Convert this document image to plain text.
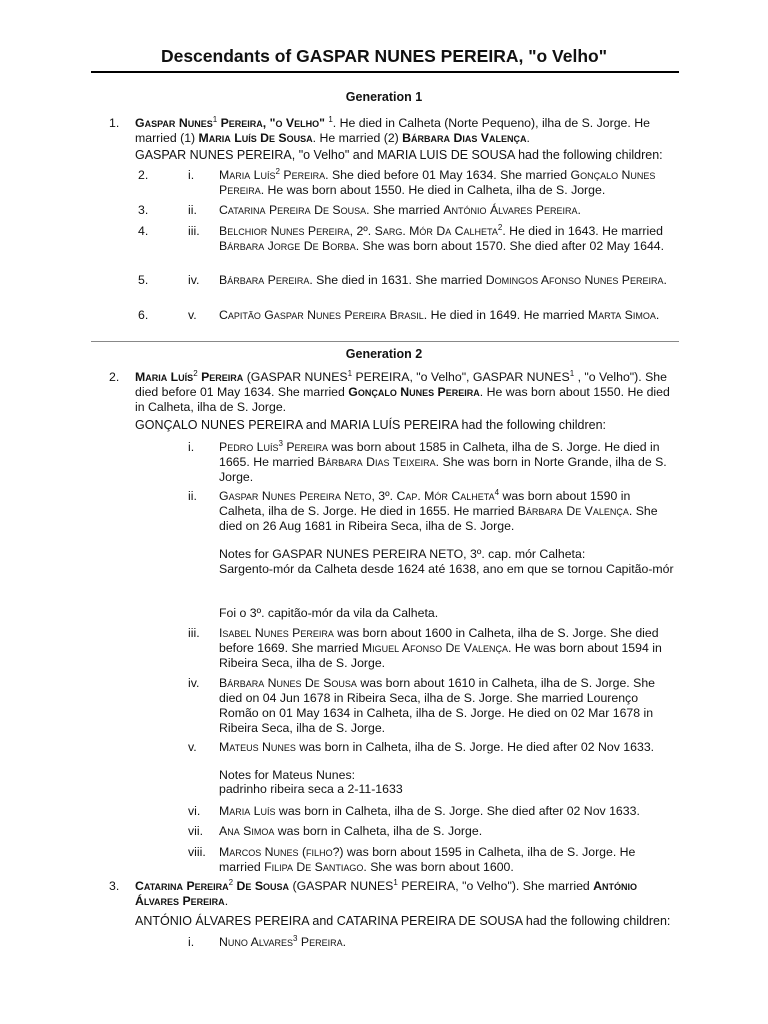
Descendants of GASPAR NUNES PEREIRA, "o Velho"
Generation 1
1. Gaspar Nunes$^1$ Pereira, "o Velho" $^1$. He died in Calheta (Norte Pequeno), ilha de S. Jorge. He married (1) Maria Luís De Sousa. He married (2) Bárbara Dias Valença.
GASPAR NUNES PEREIRA, "o Velho" and MARIA LUIS DE SOUSA had the following children:
2.	i. Maria Luís$^2$ Pereira. She died before 01 May 1634. She married Gonçalo Nunes Pereira. He was born about 1550. He died in Calheta, ilha de S. Jorge.
3.	ii. Catarina Pereira De Sousa. She married António Álvares Pereira.
4.	iii. Belchior Nunes Pereira, 2º. Sarg. Mór Da Calheta$^2$. He died in 1643. He married Bárbara Jorge De Borba. She was born about 1570. She died after 02 May 1644.
5.	iv. Bárbara Pereira. She died in 1631. She married Domingos Afonso Nunes Pereira.
6.	v. Capitão Gaspar Nunes Pereira Brasil. He died in 1649. He married Marta Simoa.
Generation 2
2. Maria Luís$^2$ Pereira (GASPAR NUNES$^1$ PEREIRA, "o Velho", GASPAR NUNES$^1$ , "o Velho"). She died before 01 May 1634. She married Gonçalo Nunes Pereira. He was born about 1550. He died in Calheta, ilha de S. Jorge.
GONÇALO NUNES PEREIRA and MARIA LUÍS PEREIRA had the following children:
i. Pedro Luís$^3$ Pereira was born about 1585 in Calheta, ilha de S. Jorge. He died in 1665. He married Bárbara Dias Teixeira. She was born in Norte Grande, ilha de S. Jorge.
ii. Gaspar Nunes Pereira Neto, 3º. Cap. Mór Calheta$^4$ was born about 1590 in Calheta, ilha de S. Jorge. He died in 1655. He married Bárbara De Valença. She died on 26 Aug 1681 in Ribeira Seca, ilha de S. Jorge.
Notes for GASPAR NUNES PEREIRA NETO, 3º. cap. mór Calheta:
Sargento-mór da Calheta desde 1624 até 1638, ano em que se tornou Capitão-mór
Foi o 3º. capitão-mór da vila da Calheta.
iii. Isabel Nunes Pereira was born about 1600 in Calheta, ilha de S. Jorge. She died before 1669. She married Miguel Afonso De Valença. He was born about 1594 in Ribeira Seca, ilha de S. Jorge.
iv. Bárbara Nunes De Sousa was born about 1610 in Calheta, ilha de S. Jorge. She died on 04 Jun 1678 in Ribeira Seca, ilha de S. Jorge. She married Lourenço Romão on 01 May 1634 in Calheta, ilha de S. Jorge. He died on 02 Mar 1678 in Ribeira Seca, ilha de S. Jorge.
v. Mateus Nunes was born in Calheta, ilha de S. Jorge. He died after 02 Nov 1633.
Notes for Mateus Nunes:
padrinho ribeira seca a 2-11-1633
vi. Maria Luís was born in Calheta, ilha de S. Jorge. She died after 02 Nov 1633.
vii. Ana Simoa was born in Calheta, ilha de S. Jorge.
viii. Marcos Nunes (filho?) was born about 1595 in Calheta, ilha de S. Jorge. He married Filipa De Santiago. She was born about 1600.
3. Catarina Pereira$^2$ De Sousa (GASPAR NUNES$^1$ PEREIRA, "o Velho"). She married António Álvares Pereira.
ANTÓNIO ÁLVARES PEREIRA and CATARINA PEREIRA DE SOUSA had the following children:
i. Nuno Alvares$^3$ Pereira.
